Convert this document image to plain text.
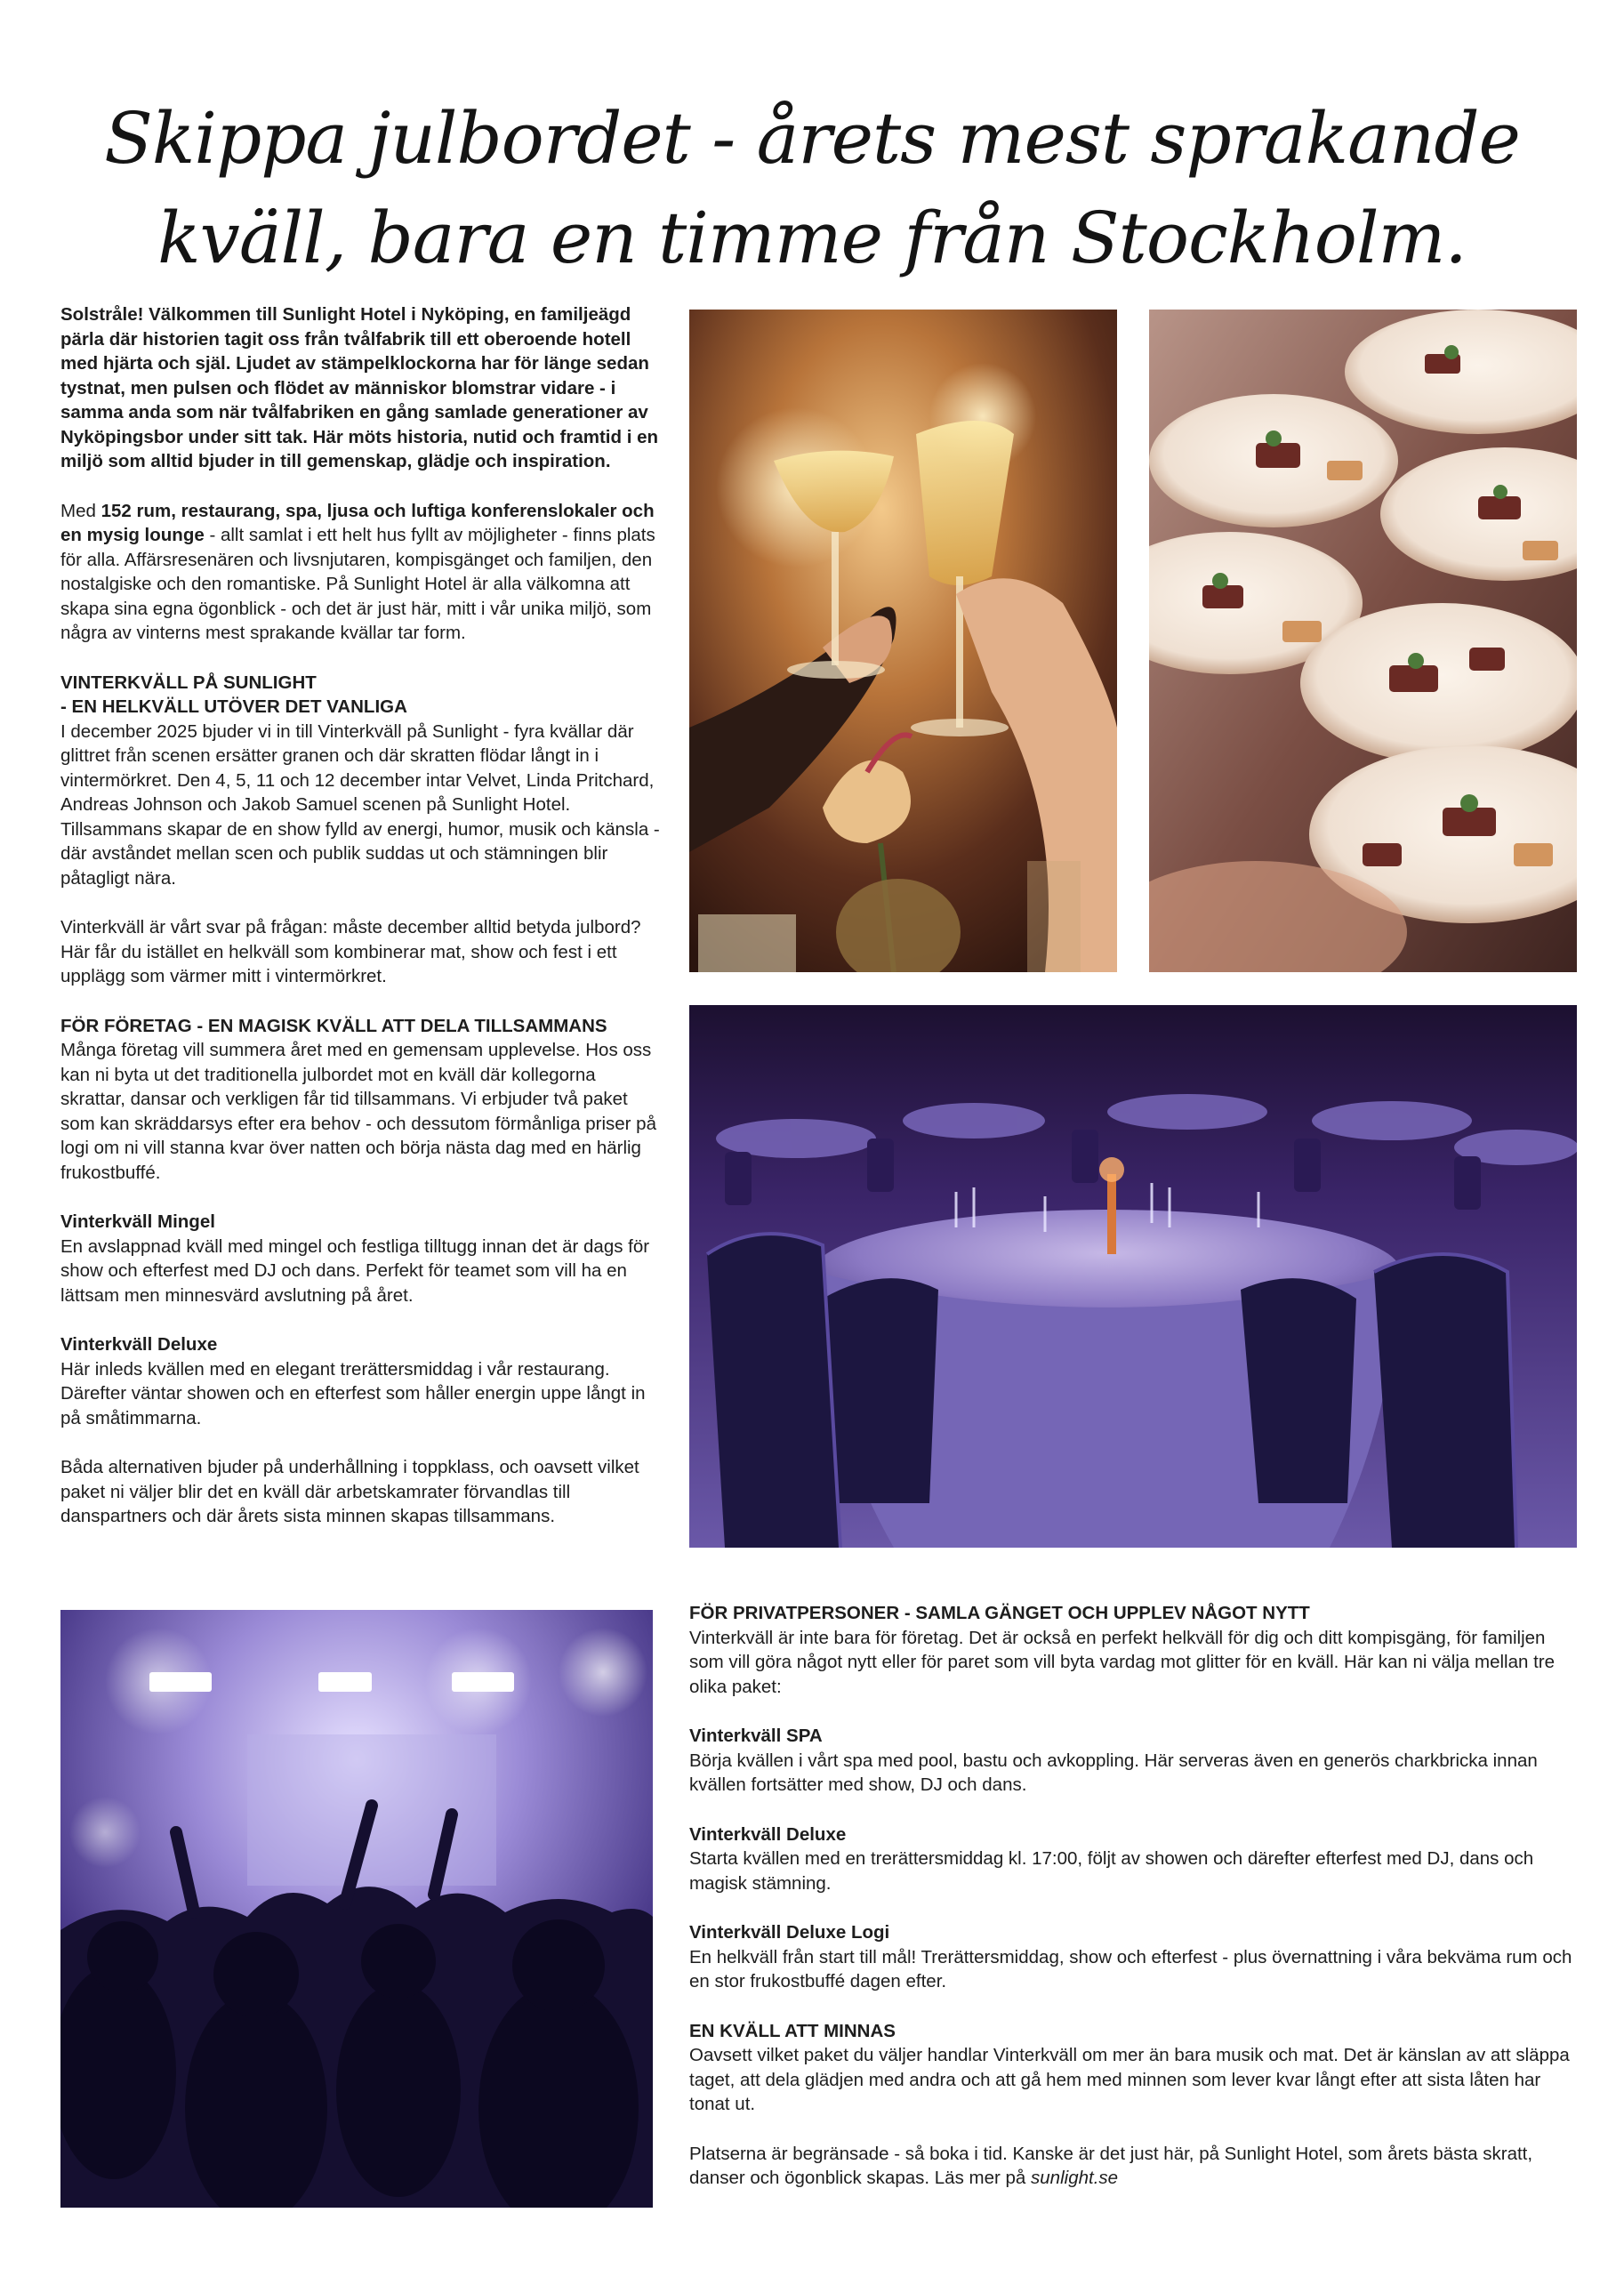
Skippa julbordet - årets mest sprakande
kväll, bara en timme från Stockholm.

Solstråle! Välkommen till Sunlight Hotel i Nyköping, en familjeägd pärla där historien tagit oss från tvålfabrik till ett oberoende hotell med hjärta och själ. Ljudet av stämpelklockorna har för länge sedan tystnat, men pulsen och flödet av människor blomstrar vidare - i samma anda som när tvålfabriken en gång samlade generationer av Nyköpingsbor under sitt tak. Här möts historia, nutid och framtid i en miljö som alltid bjuder in till gemenskap, glädje och inspiration.

Med 152 rum, restaurang, spa, ljusa och luftiga konferenslokaler och en mysig lounge - allt samlat i ett helt hus fyllt av möjligheter - finns plats för alla. Affärsresenären och livsnjutaren, kompisgänget och familjen, den nostalgiske och den romantiske. På Sunlight Hotel är alla välkomna att skapa sina egna ögonblick - och det är just här, mitt i vår unika miljö, som några av vinterns mest sprakande kvällar tar form.

VINTERKVÄLL PÅ SUNLIGHT

- EN HELKVÄLL UTÖVER DET VANLIGA

I december 2025 bjuder vi in till Vinterkväll på Sunlight - fyra kvällar där glittret från scenen ersätter granen och där skratten flödar långt in i vintermörkret. Den 4, 5, 11 och 12 december intar Velvet, Linda Pritchard, Andreas Johnson och Jakob Samuel scenen på Sunlight Hotel. Tillsammans skapar de en show fylld av energi, humor, musik och känsla - där avståndet mellan scen och publik suddas ut och stämningen blir påtagligt nära.

Vinterkväll är vårt svar på frågan: måste december alltid betyda julbord? Här får du istället en helkväll som kombinerar mat, show och fest i ett upplägg som värmer mitt i vintermörkret.

FÖR FÖRETAG - EN MAGISK KVÄLL ATT DELA TILLSAMMANS

Många företag vill summera året med en gemensam upplevelse. Hos oss kan ni byta ut det traditionella julbordet mot en kväll där kollegorna skrattar, dansar och verkligen får tid tillsammans. Vi erbjuder två paket som kan skräddarsys efter era behov - och dessutom förmånliga priser på logi om ni vill stanna kvar över natten och börja nästa dag med en härlig frukostbuffé.

Vinterkväll Mingel

En avslappnad kväll med mingel och festliga tilltugg innan det är dags för show och efterfest med DJ och dans. Perfekt för teamet som vill ha en lättsam men minnesvärd avslutning på året.

Vinterkväll Deluxe

Här inleds kvällen med en elegant trerättersmiddag i vår restaurang. Därefter väntar showen och en efterfest som håller energin uppe långt in på småtimmarna.

Båda alternativen bjuder på underhållning i toppklass, och oavsett vilket paket ni väljer blir det en kväll där arbetskamrater förvandlas till danspartners och där årets sista minnen skapas tillsammans.

FÖR PRIVATPERSONER - SAMLA GÄNGET OCH UPPLEV NÅGOT NYTT

Vinterkväll är inte bara för företag. Det är också en perfekt helkväll för dig och ditt kompisgäng, för familjen som vill göra något nytt eller för paret som vill byta vardag mot glitter för en kväll. Här kan ni välja mellan tre olika paket:

Vinterkväll SPA

Börja kvällen i vårt spa med pool, bastu och avkoppling. Här serveras även en generös charkbricka innan kvällen fortsätter med show, DJ och dans.

Vinterkväll Deluxe

Starta kvällen med en trerättersmiddag kl. 17:00, följt av showen och därefter efterfest med DJ, dans och magisk stämning.

Vinterkväll Deluxe Logi

En helkväll från start till mål! Trerättersmiddag, show och efterfest - plus övernattning i våra bekväma rum och en stor frukostbuffé dagen efter.

EN KVÄLL ATT MINNAS

Oavsett vilket paket du väljer handlar Vinterkväll om mer än bara musik och mat. Det är känslan av att släppa taget, att dela glädjen med andra och att gå hem med minnen som lever kvar långt efter att sista låten har tonat ut.

Platserna är begränsade - så boka i tid. Kanske är det just här, på Sunlight Hotel, som årets bästa skratt, danser och ögonblick skapas. Läs mer på sunlight.se
